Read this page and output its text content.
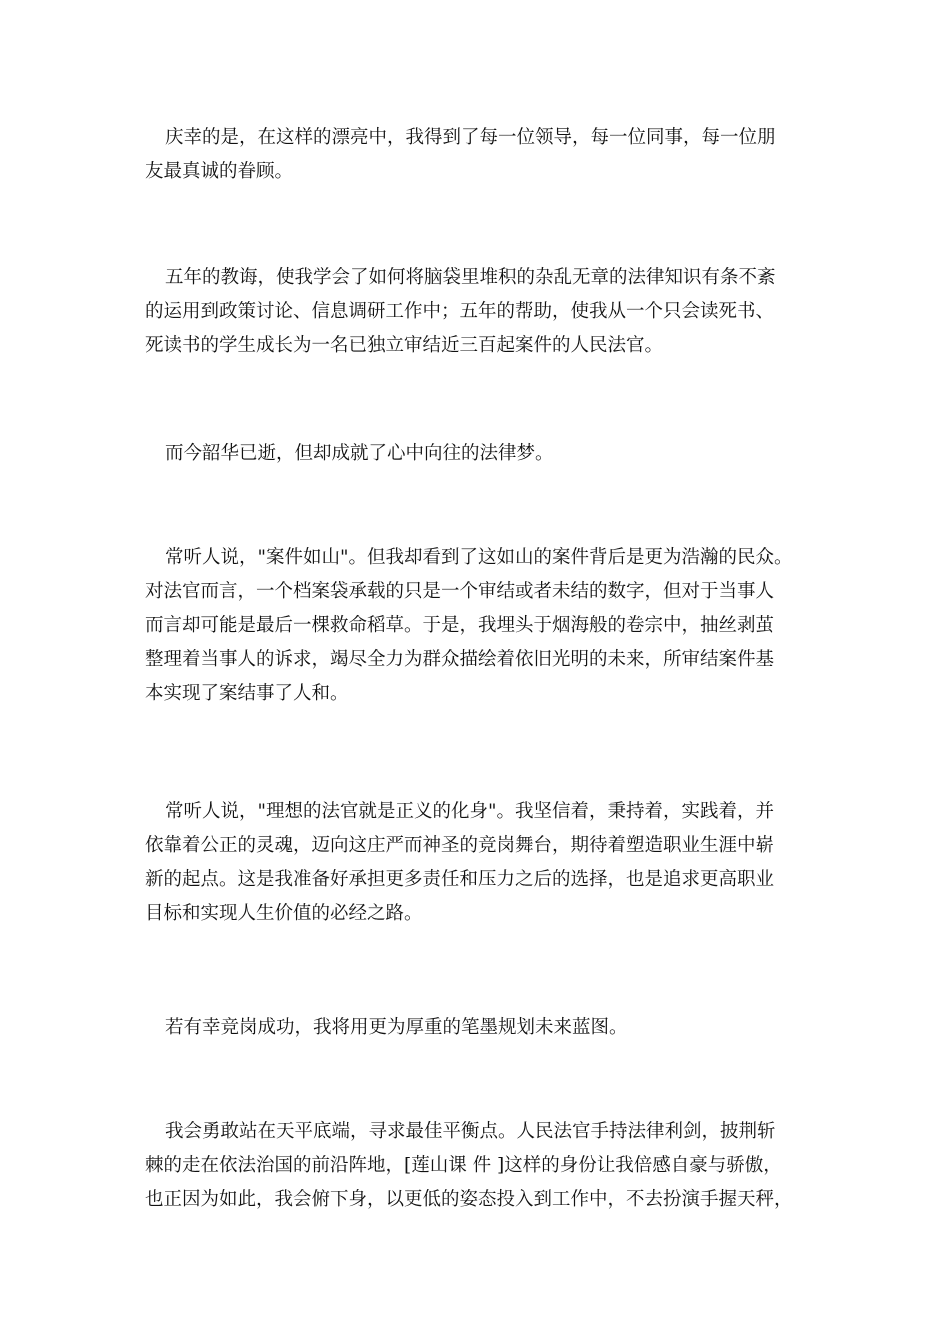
庆幸的是，在这样的漂亮中，我得到了每一位领导，每一位同事，每一位朋
友最真诚的眷顾。
五年的教诲，使我学会了如何将脑袋里堆积的杂乱无章的法律知识有条不紊
的运用到政策讨论、信息调研工作中；五年的帮助，使我从一个只会读死书、
死读书的学生成长为一名已独立审结近三百起案件的人民法官。
而今韶华已逝，但却成就了心中向往的法律梦。
常听人说，"案件如山"。但我却看到了这如山的案件背后是更为浩瀚的民众。
对法官而言，一个档案袋承载的只是一个审结或者未结的数字，但对于当事人
而言却可能是最后一棵救命稻草。于是，我埋头于烟海般的卷宗中，抽丝剥茧
整理着当事人的诉求，竭尽全力为群众描绘着依旧光明的未来，所审结案件基
本实现了案结事了人和。
常听人说，"理想的法官就是正义的化身"。我坚信着，秉持着，实践着，并
依靠着公正的灵魂，迈向这庄严而神圣的竞岗舞台，期待着塑造职业生涯中崭
新的起点。这是我准备好承担更多责任和压力之后的选择，也是追求更高职业
目标和实现人生价值的必经之路。
若有幸竞岗成功，我将用更为厚重的笔墨规划未来蓝图。
我会勇敢站在天平底端，寻求最佳平衡点。人民法官手持法律利剑，披荆斩
棘的走在依法治国的前沿阵地，[莲山课 件 ]这样的身份让我倍感自豪与骄傲，
也正因为如此，我会俯下身，以更低的姿态投入到工作中，不去扮演手握天秤，
